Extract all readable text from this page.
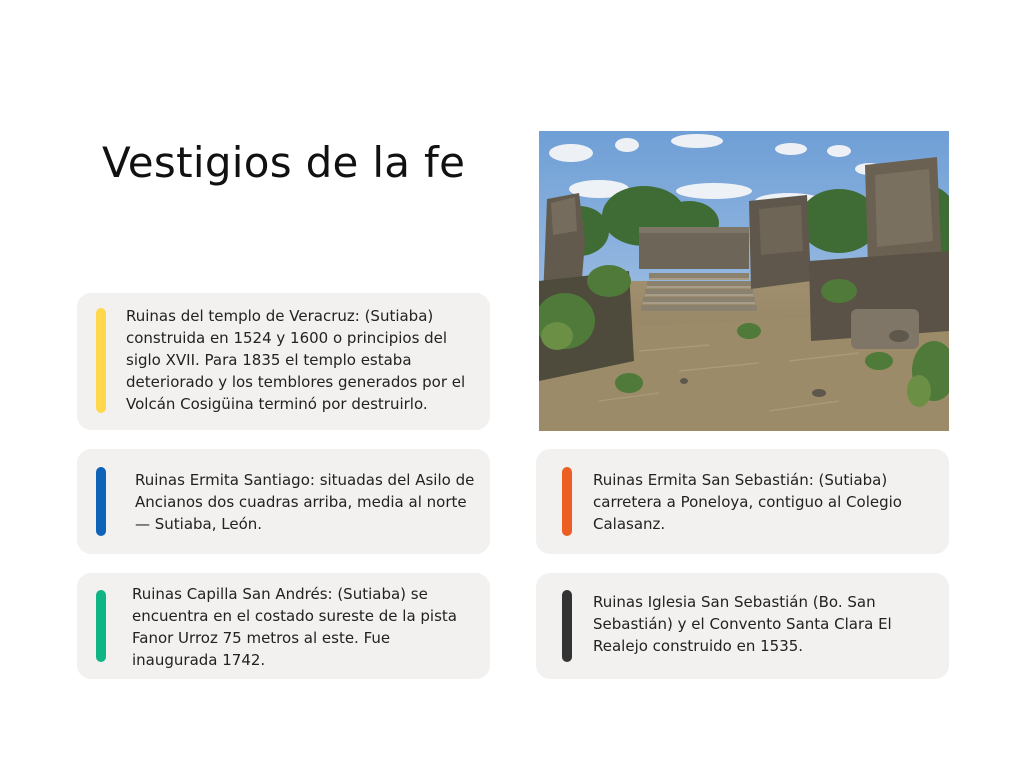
Vestigios de la fe
Ruinas del templo de Veracruz: (Sutiaba) construida en 1524 y 1600 o principios del siglo XVII. Para 1835 el templo estaba deteriorado y los temblores generados por el Volcán Cosigüina terminó por destruirlo.
Ruinas Ermita Santiago: situadas del Asilo de Ancianos dos cuadras arriba, media al norte — Sutiaba, León.
Ruinas Ermita San Sebastián: (Sutiaba) carretera a Poneloya, contiguo al Colegio Calasanz.
Ruinas Capilla San Andrés: (Sutiaba) se encuentra en el costado sureste de la pista Fanor Urroz 75 metros al este. Fue inaugurada 1742.
Ruinas Iglesia San Sebastián (Bo. San Sebastián) y el Convento Santa Clara El Realejo construido en 1535.
